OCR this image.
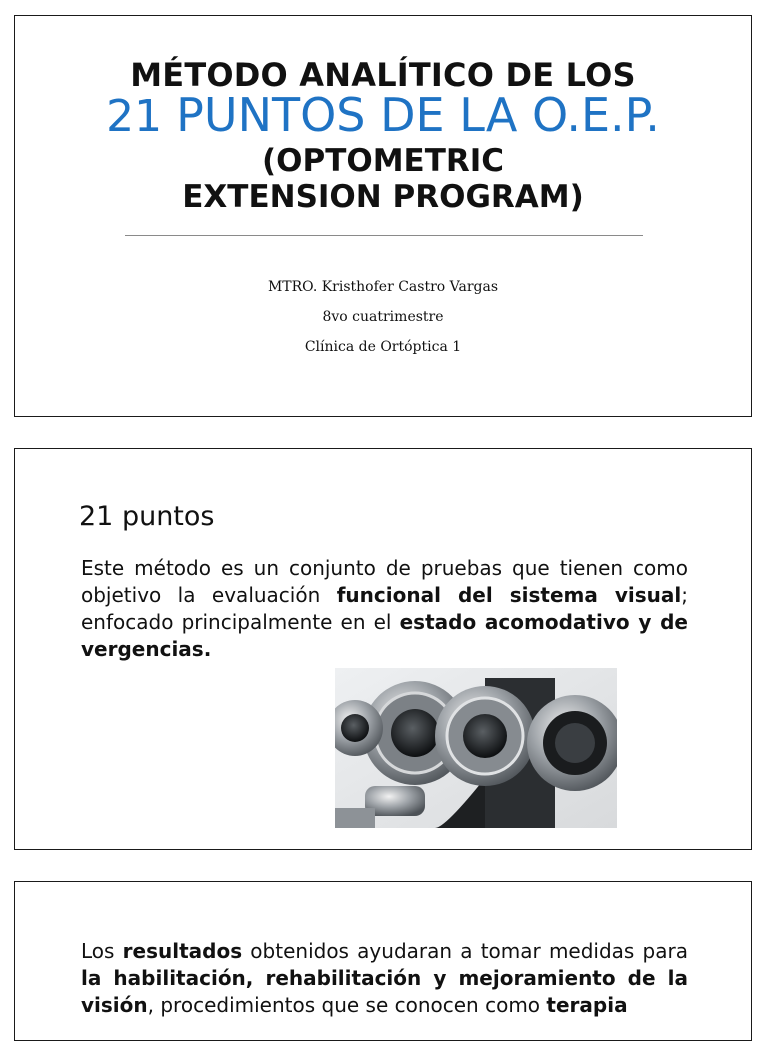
MÉTODO ANALÍTICO DE LOS
21 PUNTOS DE LA O.E.P.
(OPTOMETRIC EXTENSION PROGRAM)
MTRO. Kristhofer Castro Vargas
8vo cuatrimestre
Clínica de Ortóptica 1
21 puntos
Este método es un conjunto de pruebas que tienen como objetivo la evaluación funcional del sistema visual; enfocado principalmente en el estado acomodativo y de vergencias.
Los resultados obtenidos ayudaran a tomar medidas para la habilitación, rehabilitación y mejoramiento de la visión, procedimientos que se conocen como terapia
